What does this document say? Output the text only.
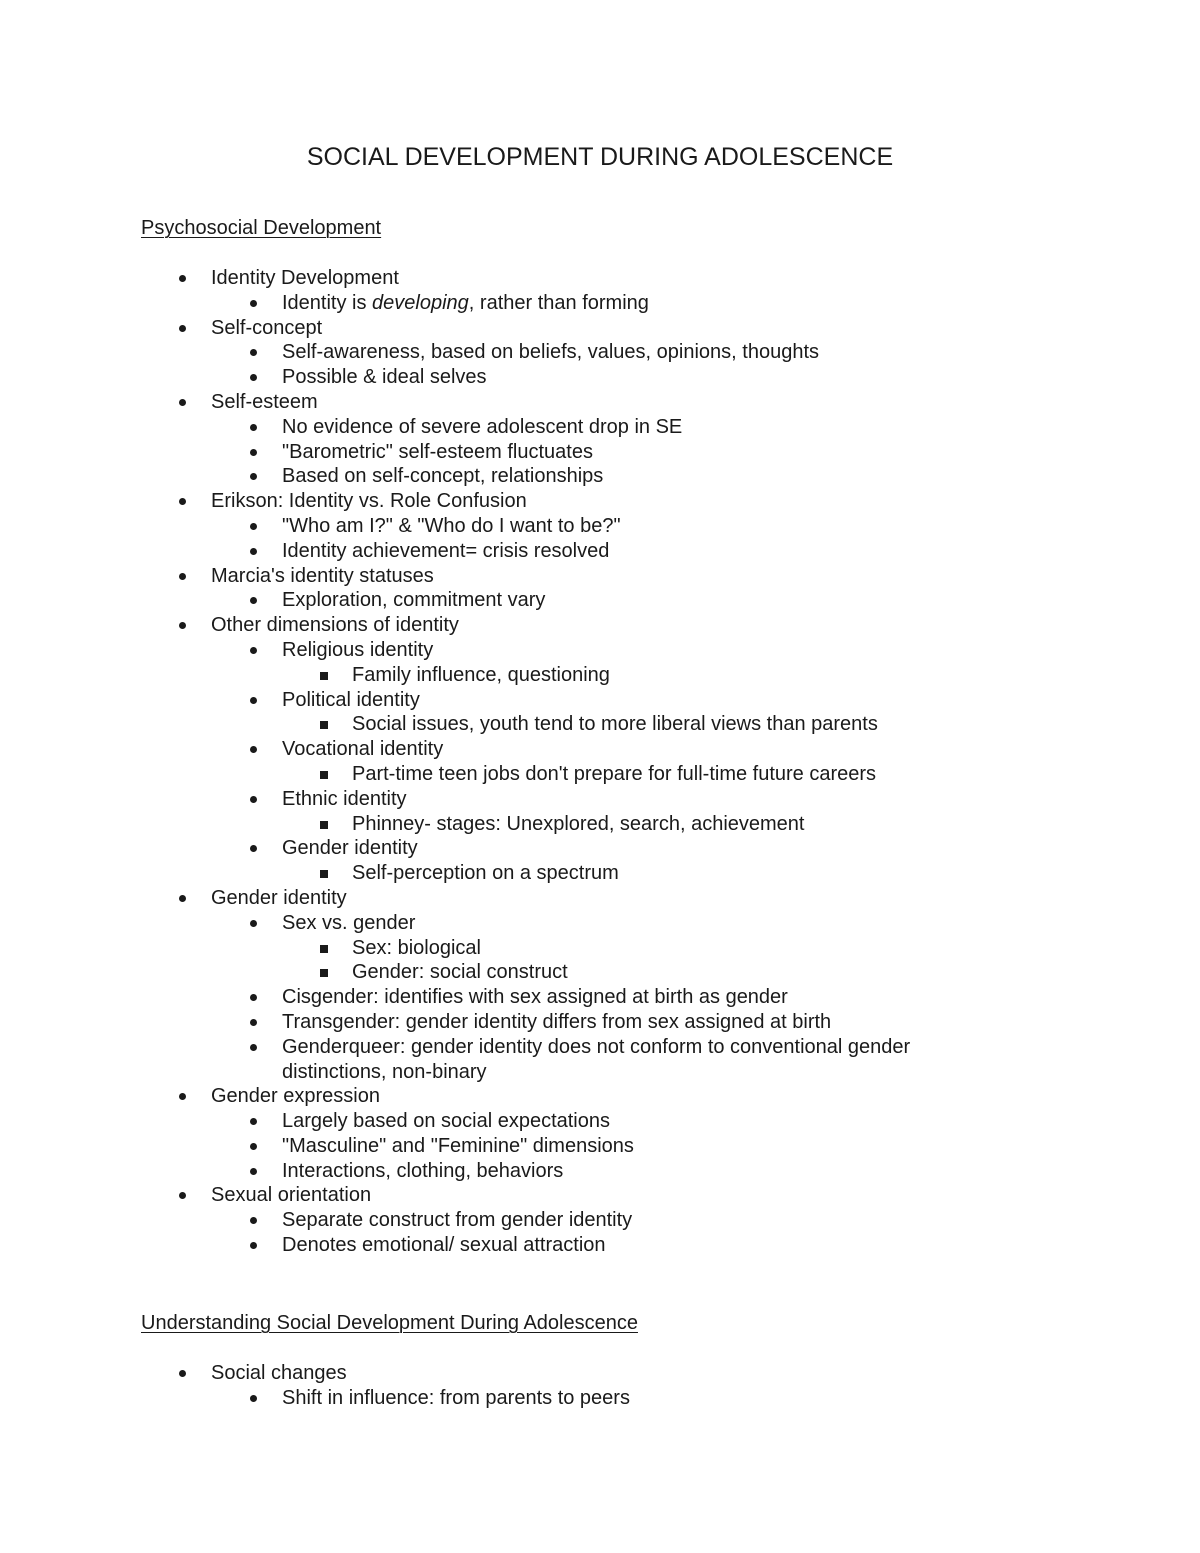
SOCIAL DEVELOPMENT DURING ADOLESCENCE
Psychosocial Development
Identity Development
Identity is developing, rather than forming
Self-concept
Self-awareness, based on beliefs, values, opinions, thoughts
Possible & ideal selves
Self-esteem
No evidence of severe adolescent drop in SE
"Barometric" self-esteem fluctuates
Based on self-concept, relationships
Erikson: Identity vs. Role Confusion
"Who am I?" & "Who do I want to be?"
Identity achievement= crisis resolved
Marcia's identity statuses
Exploration, commitment vary
Other dimensions of identity
Religious identity
Family influence, questioning
Political identity
Social issues, youth tend to more liberal views than parents
Vocational identity
Part-time teen jobs don't prepare for full-time future careers
Ethnic identity
Phinney- stages: Unexplored, search, achievement
Gender identity
Self-perception on a spectrum
Gender identity
Sex vs. gender
Sex: biological
Gender: social construct
Cisgender: identifies with sex assigned at birth as gender
Transgender: gender identity differs from sex assigned at birth
Genderqueer: gender identity does not conform to conventional gender distinctions, non-binary
Gender expression
Largely based on social expectations
"Masculine" and "Feminine" dimensions
Interactions, clothing, behaviors
Sexual orientation
Separate construct from gender identity
Denotes emotional/ sexual attraction
Understanding Social Development During Adolescence
Social changes
Shift in influence: from parents to peers
